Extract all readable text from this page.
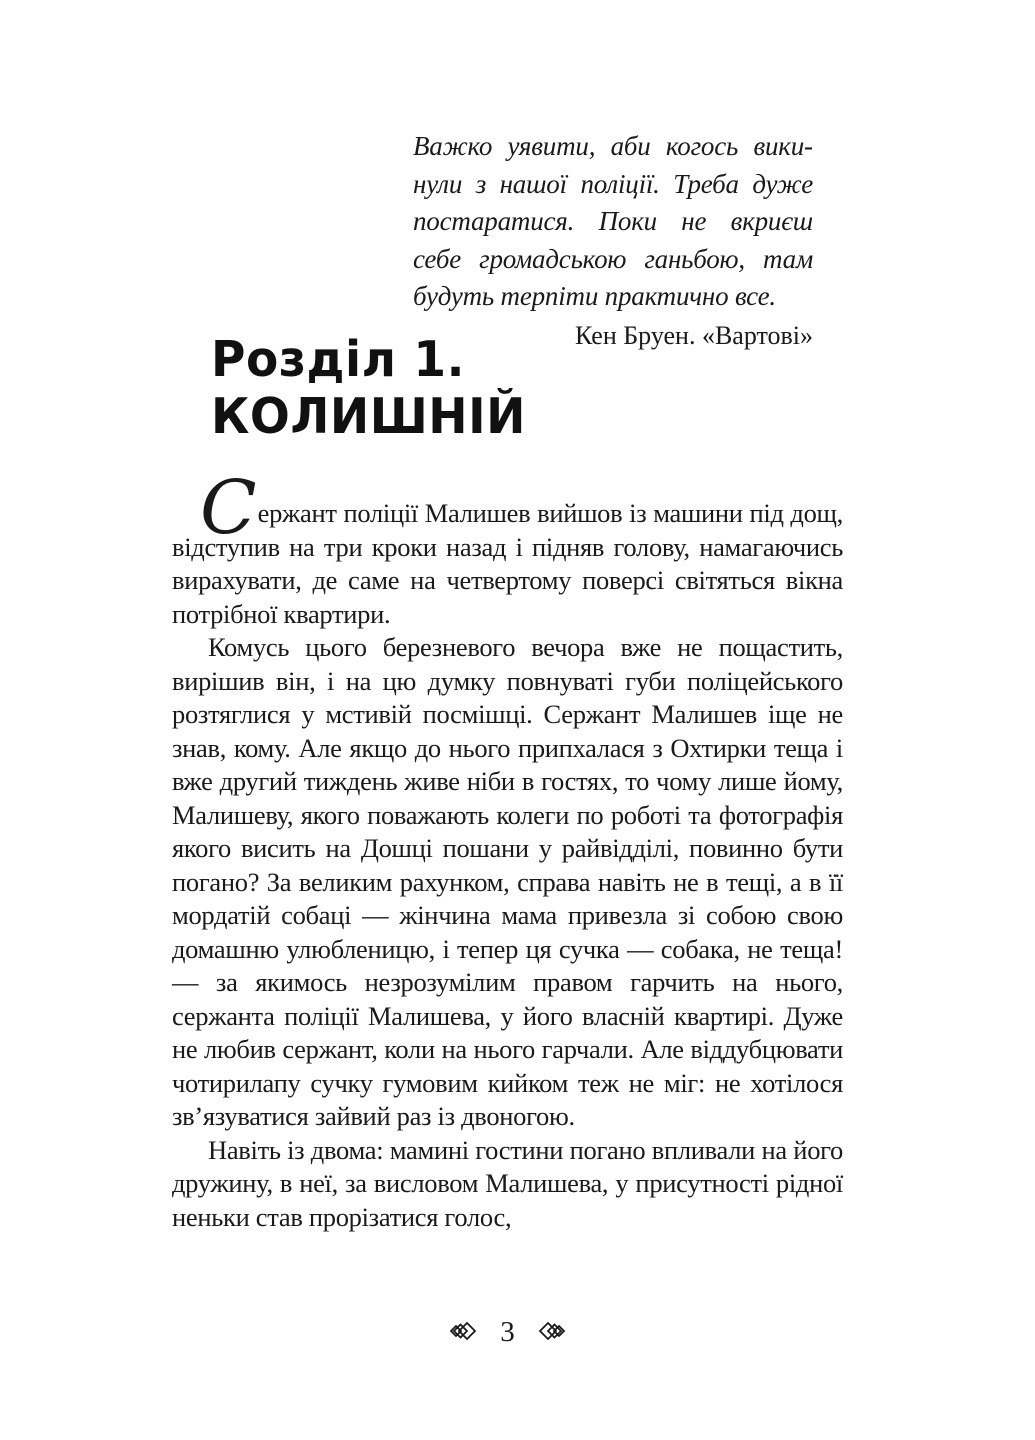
Важко уявити, аби когось викинули з нашої поліції. Треба дуже постаратися. Поки не вкриєш себе громадською ганьбою, там будуть терпіти практично все.
Кен Бруен. «Вартові»
Розділ 1.
КОЛИШНІЙ

Сержант поліції Малишев вийшов із машини під дощ, відступив на три кроки назад і підняв голову, намагаючись вирахувати, де саме на четвертому поверсі світяться вікна потрібної квартири.

Комусь цього березневого вечора вже не пощастить, вирішив він, і на цю думку повнуваті губи поліцейського розтяглися у мстивій посмішці. Сержант Малишев іще не знав, кому. Але якщо до нього припхалася з Охтирки теща і вже другий тиждень живе ніби в гостях, то чому лише йому, Малишеву, якого поважають колеги по роботі та фотографія якого висить на Дошці пошани у райвідділі, повинно бути погано? За великим рахунком, справа навіть не в тещі, а в її мордатій собаці — жінчина мама привезла зі собою свою домашню улюбленицю, і тепер ця сучка — собака, не теща! — за якимось незрозумілим правом гарчить на нього, сержанта поліції Малишева, у його власній квартирі. Дуже не любив сержант, коли на нього гарчали. Але віддубцювати чотирилапу сучку гумовим кийком теж не міг: не хотілося зв’язуватися зайвий раз із двоногою.

Навіть із двома: мамині гостини погано впливали на його дружину, в неї, за висловом Малишева, у присутності рідної неньки став прорізатися голос,

3
